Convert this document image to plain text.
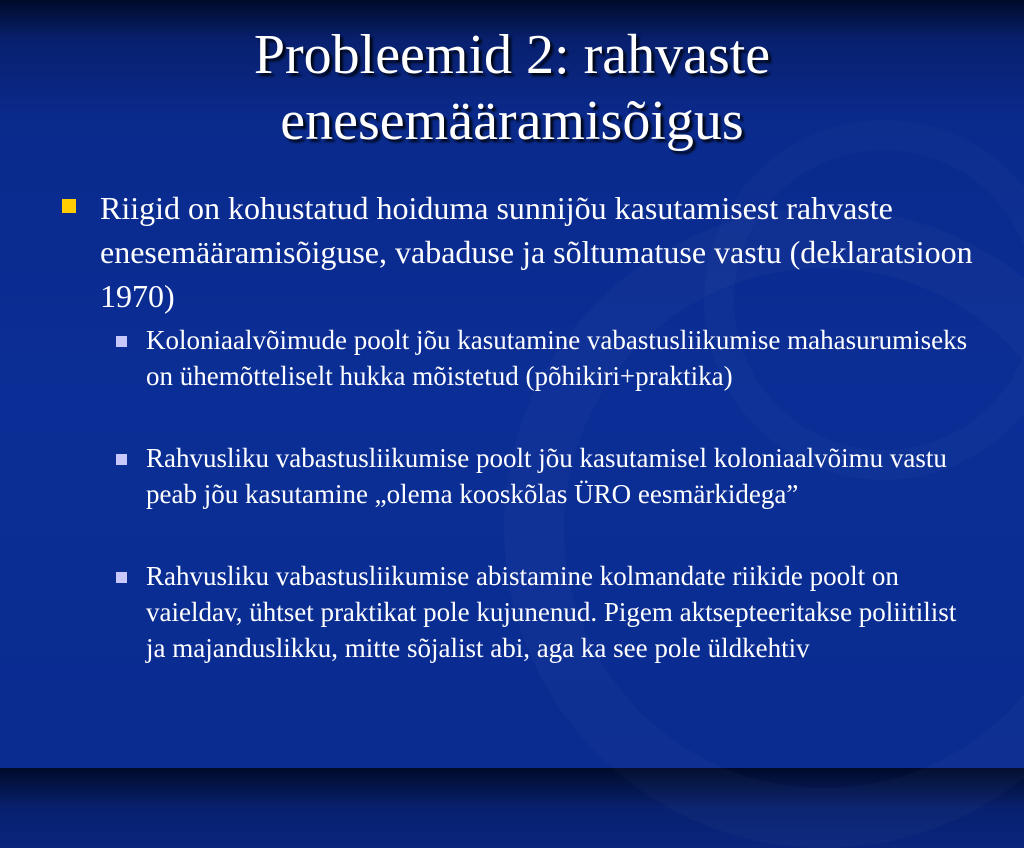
Probleemid 2: rahvaste
enesemääramisõigus
Riigid on kohustatud hoiduma sunnijõu kasutamisest rahvaste enesemääramisõiguse, vabaduse ja sõltumatuse vastu (deklaratsioon 1970)
Koloniaalvõimude poolt jõu kasutamine vabastusliikumise mahasurumiseks on ühemõtteliselt hukka mõistetud (põhikiri+praktika)
Rahvusliku vabastusliikumise poolt jõu kasutamisel koloniaalvõimu vastu peab jõu kasutamine „olema kooskõlas ÜRO eesmärkidega”
Rahvusliku vabastusliikumise abistamine kolmandate riikide poolt on vaieldav, ühtset praktikat pole kujunenud. Pigem aktsepteeritakse poliitilist ja majanduslikku, mitte sõjalist abi, aga ka see pole üldkehtiv
